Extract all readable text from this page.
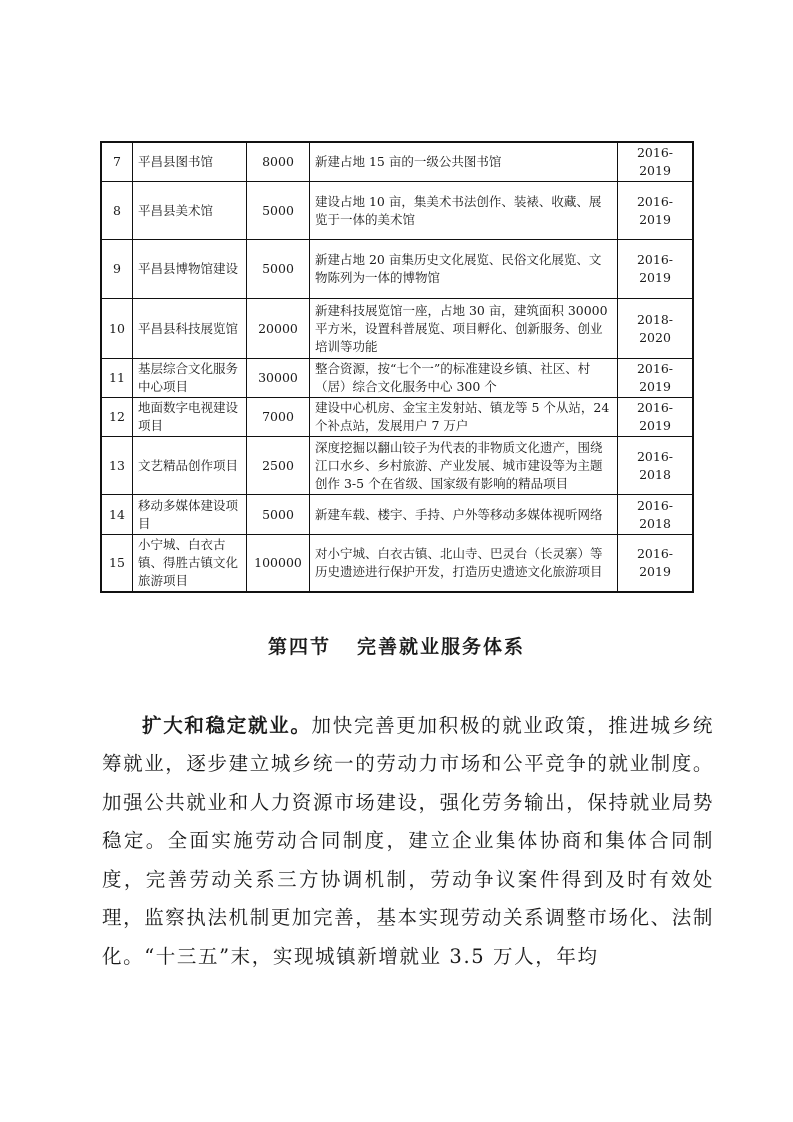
7	平昌县图书馆	8000	新建占地 15 亩的一级公共图书馆	2016-2019
8	平昌县美术馆	5000	建设占地 10 亩，集美术书法创作、装裱、收藏、展览于一体的美术馆	2016-2019
9	平昌县博物馆建设	5000	新建占地 20 亩集历史文化展览、民俗文化展览、文物陈列为一体的博物馆	2016-2019
10	平昌县科技展览馆	20000	新建科技展览馆一座，占地 30 亩，建筑面积 30000 平方米，设置科普展览、项目孵化、创新服务、创业培训等功能	2018-2020
11	基层综合文化服务中心项目	30000	整合资源，按“七个一”的标准建设乡镇、社区、村（居）综合文化服务中心 300 个	2016-2019
12	地面数字电视建设项目	7000	建设中心机房、金宝主发射站、镇龙等 5 个从站，24 个补点站，发展用户 7 万户	2016-2019
13	文艺精品创作项目	2500	深度挖掘以翻山铰子为代表的非物质文化遗产，围绕江口水乡、乡村旅游、产业发展、城市建设等为主题创作 3-5 个在省级、国家级有影响的精品项目	2016-2018
14	移动多媒体建设项目	5000	新建车载、楼宇、手持、户外等移动多媒体视听网络	2016-2018
15	小宁城、白衣古镇、得胜古镇文化旅游项目	100000	对小宁城、白衣古镇、北山寺、巴灵台（长灵寨）等历史遗迹进行保护开发，打造历史遗迹文化旅游项目	2016-2019
第四节 完善就业服务体系

扩大和稳定就业。加快完善更加积极的就业政策，推进城乡统筹就业，逐步建立城乡统一的劳动力市场和公平竞争的就业制度。加强公共就业和人力资源市场建设，强化劳务输出，保持就业局势稳定。全面实施劳动合同制度，建立企业集体协商和集体合同制度，完善劳动关系三方协调机制，劳动争议案件得到及时有效处理，监察执法机制更加完善，基本实现劳动关系调整市场化、法制化。“十三五”末，实现城镇新增就业 3.5 万人，年均
